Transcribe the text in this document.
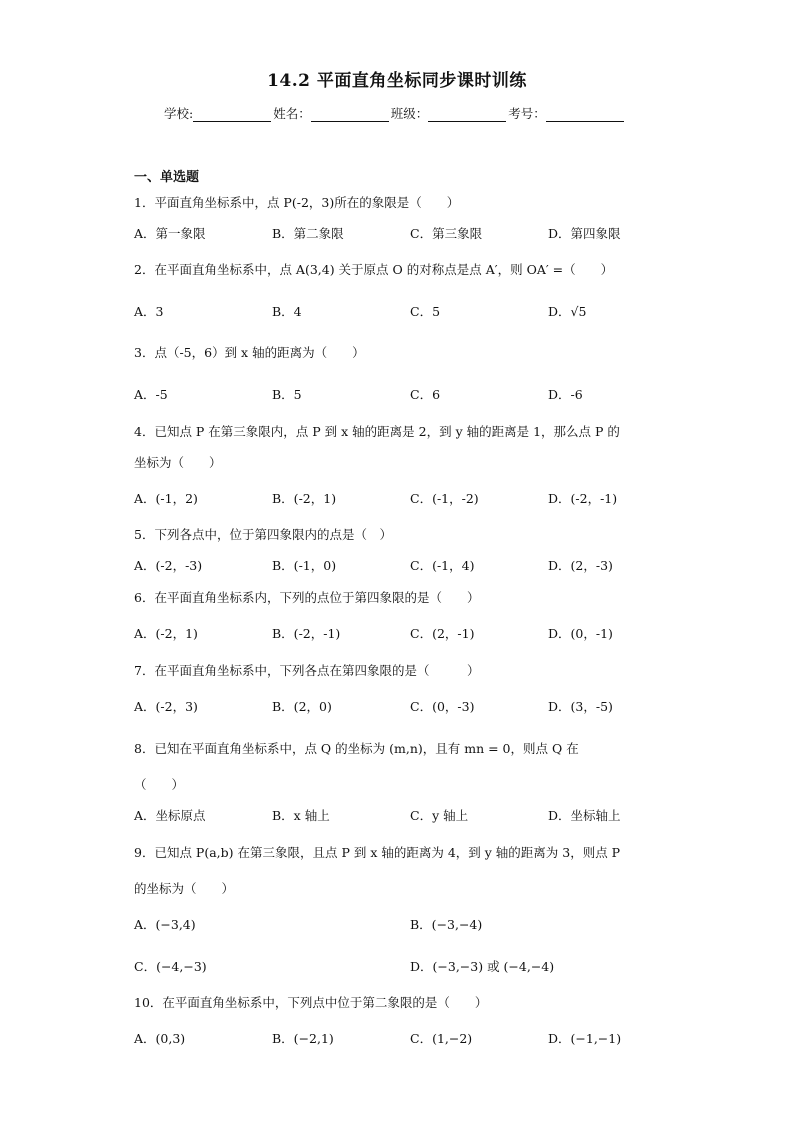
14.2 平面直角坐标同步课时训练
学校:	姓名：	班级：	考号：
一、单选题
1．平面直角坐标系中，点 P(-2，3)所在的象限是（　　）
A．第一象限	B．第二象限	C．第三象限	D．第四象限
2．在平面直角坐标系中，点 A(3,4) 关于原点 O 的对称点是点 A′，则 OA′ =（　　）
A．3	B．4	C．5	D．√5
3．点（-5，6）到 x 轴的距离为（　　）
A．-5	B．5	C．6	D．-6
4．已知点 P 在第三象限内，点 P 到 x 轴的距离是 2，到 y 轴的距离是 1，那么点 P 的
坐标为（　　）
A．(-1，2)	B．(-2，1)	C．(-1，-2)	D．(-2，-1)
5．下列各点中，位于第四象限内的点是（　）
A．(-2，-3)	B．(-1，0)	C．(-1，4)	D．(2，-3)
6．在平面直角坐标系内，下列的点位于第四象限的是（　　）
A．(-2，1)	B．(-2，-1)	C．(2，-1)	D．(0，-1)
7．在平面直角坐标系中，下列各点在第四象限的是（　　　）
A．(-2，3)	B．(2，0)	C．(0，-3)	D．(3，-5)
8．已知在平面直角坐标系中，点 Q 的坐标为 (m,n)，且有 mn = 0，则点 Q 在
（　　）
A．坐标原点	B．x 轴上	C．y 轴上	D．坐标轴上
9．已知点 P(a,b) 在第三象限，且点 P 到 x 轴的距离为 4，到 y 轴的距离为 3，则点 P
的坐标为（　　）
A．(−3,4)	B．(−3,−4)
C．(−4,−3)	D．(−3,−3) 或 (−4,−4)
10．在平面直角坐标系中，下列点中位于第二象限的是（　　）
A．(0,3)	B．(−2,1)	C．(1,−2)	D．(−1,−1)
